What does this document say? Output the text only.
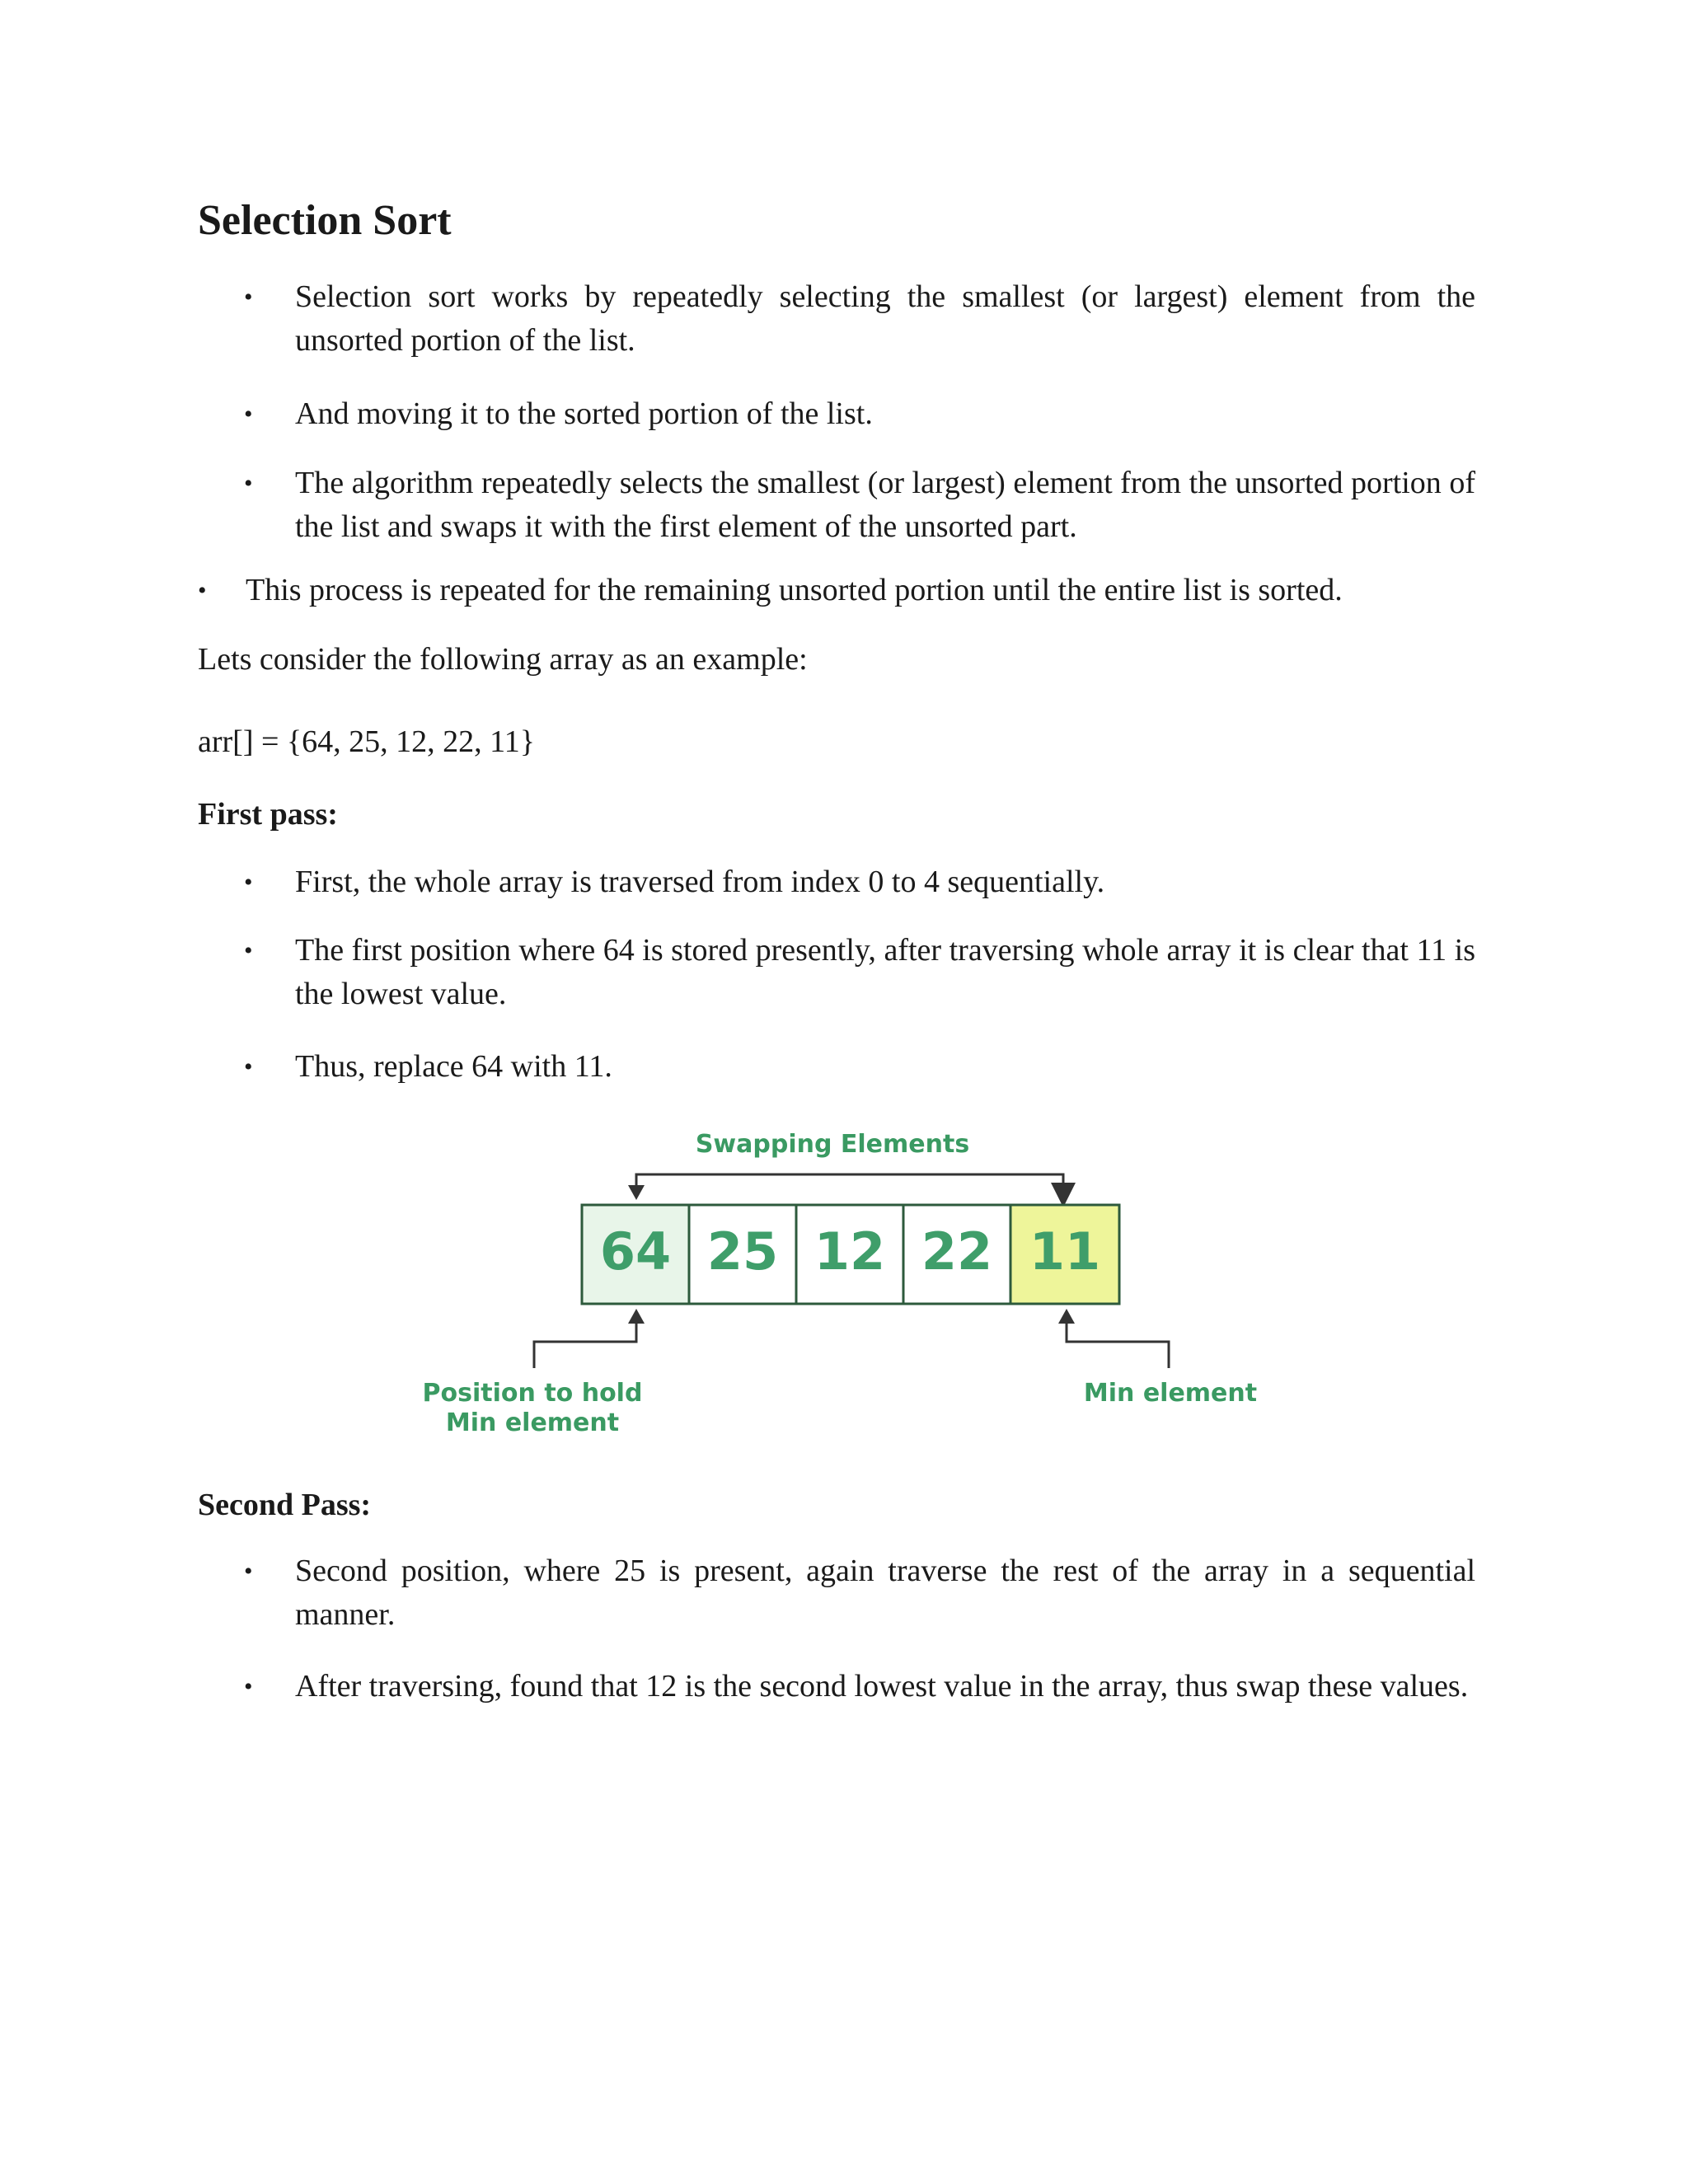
Selection Sort
• Selection sort works by repeatedly selecting the smallest (or largest) element from the unsorted portion of the list.
• And moving it to the sorted portion of the list.
• The algorithm repeatedly selects the smallest (or largest) element from the unsorted portion of the list and swaps it with the first element of the unsorted part.
• This process is repeated for the remaining unsorted portion until the entire list is sorted.

Lets consider the following array as an example:

arr[] = {64, 25, 12, 22, 11}

First pass:

• First, the whole array is traversed from index 0 to 4 sequentially.
• The first position where 64 is stored presently, after traversing whole array it is clear that 11 is the lowest value.
• Thus, replace 64 with 11.
Swapping Elements
64 25 12 22 11
Position to hold
Min element
Min element

Second Pass:

• Second position, where 25 is present, again traverse the rest of the array in a sequential manner.
• After traversing, found that 12 is the second lowest value in the array, thus swap these values.
